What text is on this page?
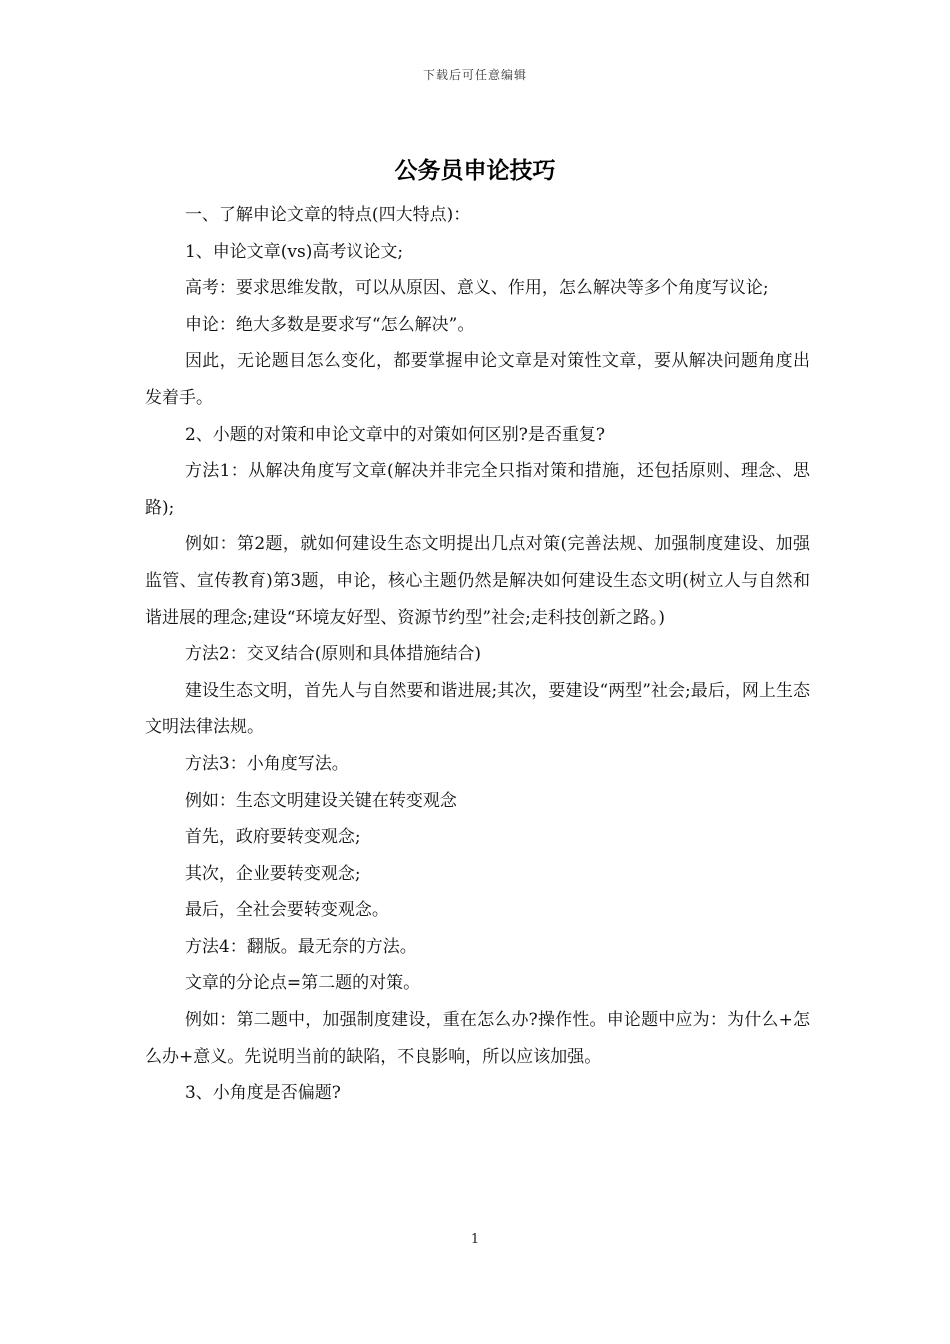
下载后可任意编辑
公务员申论技巧

一、了解申论文章的特点(四大特点)：

1、申论文章(vs)高考议论文;

高考：要求思维发散，可以从原因、意义、作用，怎么解决等多个角度写议论;

申论：绝大多数是要求写“怎么解决”。

因此，无论题目怎么变化，都要掌握申论文章是对策性文章，要从解决问题角度出发着手。

2、小题的对策和申论文章中的对策如何区别?是否重复?

方法1：从解决角度写文章(解决并非完全只指对策和措施，还包括原则、理念、思路);

例如：第2题，就如何建设生态文明提出几点对策(完善法规、加强制度建设、加强监管、宣传教育)第3题，申论，核心主题仍然是解决如何建设生态文明(树立人与自然和谐进展的理念;建设“环境友好型、资源节约型”社会;走科技创新之路。)

方法2：交叉结合(原则和具体措施结合)

建设生态文明，首先人与自然要和谐进展;其次，要建设“两型”社会;最后，网上生态文明法律法规。

方法3：小角度写法。

例如：生态文明建设关键在转变观念

首先，政府要转变观念;

其次，企业要转变观念;

最后，全社会要转变观念。

方法4：翻版。最无奈的方法。

文章的分论点=第二题的对策。

例如：第二题中，加强制度建设，重在怎么办?操作性。申论题中应为：为什么+怎么办+意义。先说明当前的缺陷，不良影响，所以应该加强。

3、小角度是否偏题?

1
